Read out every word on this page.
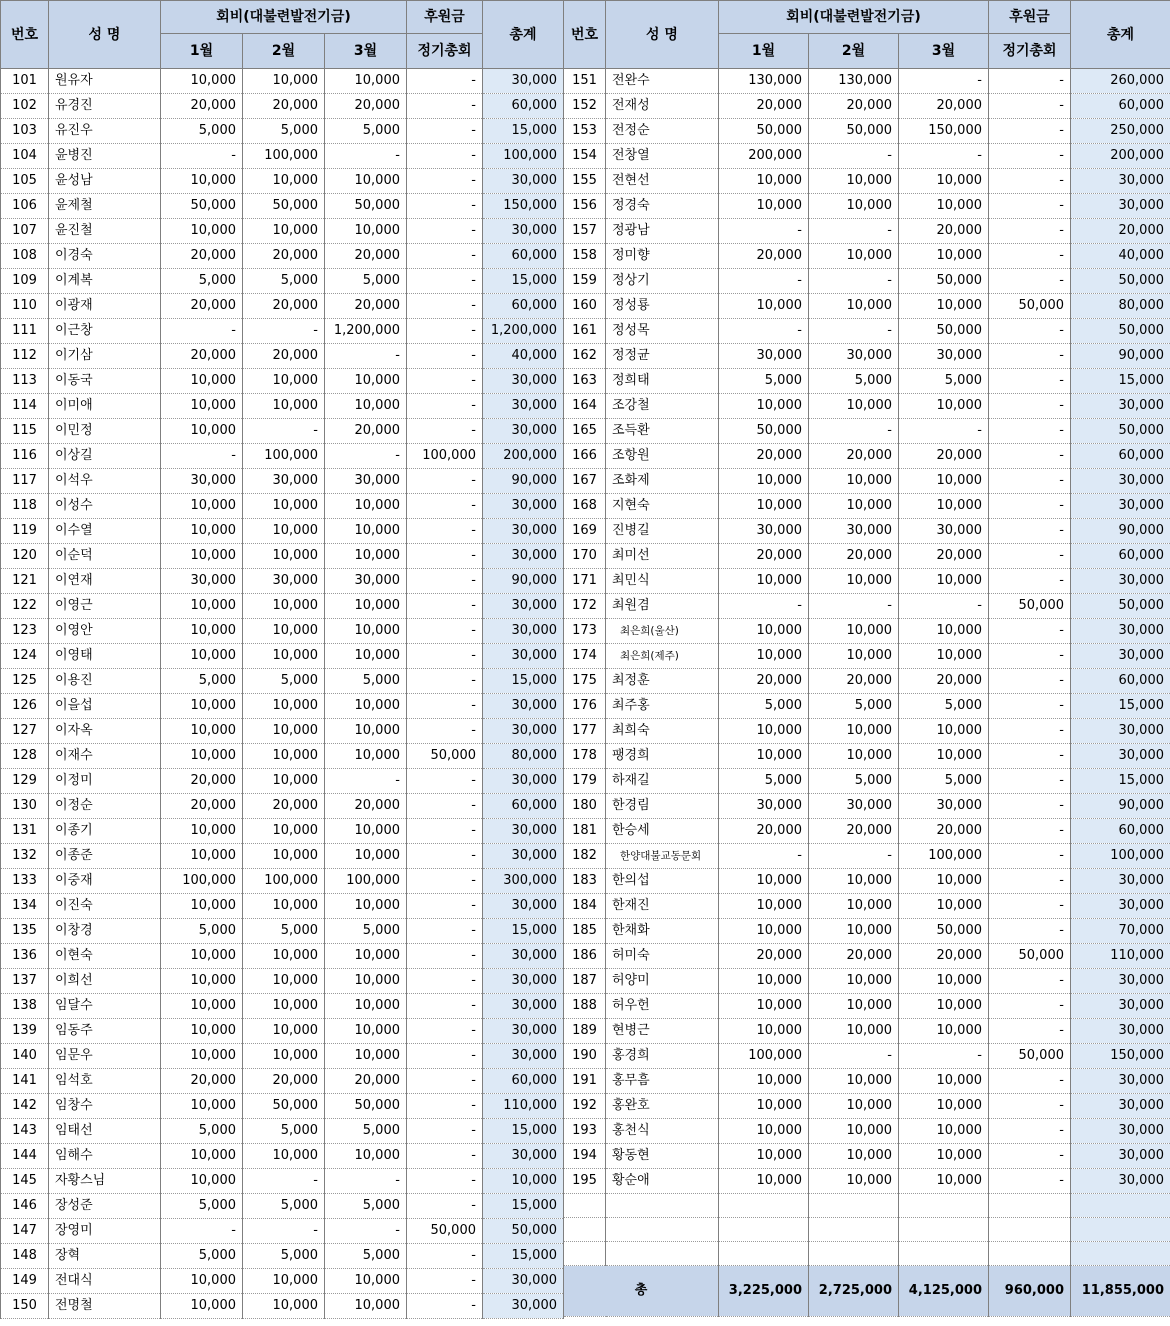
번호	성 명	회비(대불련발전기금)			후원금	총계
		1월	2월	3월	정기총회	
101	원유자	10,000	10,000	10,000	-	30,000
102	유경진	20,000	20,000	20,000	-	60,000
103	유진우	5,000	5,000	5,000	-	15,000
104	윤병진	-	100,000	-	-	100,000
105	윤성남	10,000	10,000	10,000	-	30,000
106	윤제철	50,000	50,000	50,000	-	150,000
107	윤진철	10,000	10,000	10,000	-	30,000
108	이경숙	20,000	20,000	20,000	-	60,000
109	이계복	5,000	5,000	5,000	-	15,000
110	이광재	20,000	20,000	20,000	-	60,000
111	이근창	-	-	1,200,000	-	1,200,000
112	이기삼	20,000	20,000	-	-	40,000
113	이동국	10,000	10,000	10,000	-	30,000
114	이미애	10,000	10,000	10,000	-	30,000
115	이민정	10,000	-	20,000	-	30,000
116	이상길	-	100,000	-	100,000	200,000
117	이석우	30,000	30,000	30,000	-	90,000
118	이성수	10,000	10,000	10,000	-	30,000
119	이수열	10,000	10,000	10,000	-	30,000
120	이순덕	10,000	10,000	10,000	-	30,000
121	이연재	30,000	30,000	30,000	-	90,000
122	이영근	10,000	10,000	10,000	-	30,000
123	이영안	10,000	10,000	10,000	-	30,000
124	이영태	10,000	10,000	10,000	-	30,000
125	이용진	5,000	5,000	5,000	-	15,000
126	이을섭	10,000	10,000	10,000	-	30,000
127	이자옥	10,000	10,000	10,000	-	30,000
128	이재수	10,000	10,000	10,000	50,000	80,000
129	이정미	20,000	10,000	-	-	30,000
130	이정순	20,000	20,000	20,000	-	60,000
131	이종기	10,000	10,000	10,000	-	30,000
132	이종준	10,000	10,000	10,000	-	30,000
133	이중재	100,000	100,000	100,000	-	300,000
134	이진숙	10,000	10,000	10,000	-	30,000
135	이창경	5,000	5,000	5,000	-	15,000
136	이현숙	10,000	10,000	10,000	-	30,000
137	이희선	10,000	10,000	10,000	-	30,000
138	임달수	10,000	10,000	10,000	-	30,000
139	임동주	10,000	10,000	10,000	-	30,000
140	임문우	10,000	10,000	10,000	-	30,000
141	임석호	20,000	20,000	20,000	-	60,000
142	임창수	10,000	50,000	50,000	-	110,000
143	임태선	5,000	5,000	5,000	-	15,000
144	임해수	10,000	10,000	10,000	-	30,000
145	자황스님	10,000	-	-	-	10,000
146	장성준	5,000	5,000	5,000	-	15,000
147	장영미	-	-	-	50,000	50,000
148	장혁	5,000	5,000	5,000	-	15,000
149	전대식	10,000	10,000	10,000	-	30,000
150	전명철	10,000	10,000	10,000	-	30,000
번호	성 명	회비(대불련발전기금)			후원금	총계
		1월	2월	3월	정기총회	
151	전완수	130,000	130,000	-	-	260,000
152	전재성	20,000	20,000	20,000	-	60,000
153	전정순	50,000	50,000	150,000	-	250,000
154	전창열	200,000	-	-	-	200,000
155	전현선	10,000	10,000	10,000	-	30,000
156	정경숙	10,000	10,000	10,000	-	30,000
157	정광남	-	-	20,000	-	20,000
158	정미향	20,000	10,000	10,000	-	40,000
159	정상기	-	-	50,000	-	50,000
160	정성룡	10,000	10,000	10,000	50,000	80,000
161	정성목	-	-	50,000	-	50,000
162	정정균	30,000	30,000	30,000	-	90,000
163	정희태	5,000	5,000	5,000	-	15,000
164	조강철	10,000	10,000	10,000	-	30,000
165	조득환	50,000	-	-	-	50,000
166	조항원	20,000	20,000	20,000	-	60,000
167	조화제	10,000	10,000	10,000	-	30,000
168	지현숙	10,000	10,000	10,000	-	30,000
169	진병길	30,000	30,000	30,000	-	90,000
170	최미선	20,000	20,000	20,000	-	60,000
171	최민식	10,000	10,000	10,000	-	30,000
172	최원겸	-	-	-	50,000	50,000
173	최은희(울산)	10,000	10,000	10,000	-	30,000
174	최은희(제주)	10,000	10,000	10,000	-	30,000
175	최정훈	20,000	20,000	20,000	-	60,000
176	최주홍	5,000	5,000	5,000	-	15,000
177	최희숙	10,000	10,000	10,000	-	30,000
178	팽경희	10,000	10,000	10,000	-	30,000
179	하재길	5,000	5,000	5,000	-	15,000
180	한경림	30,000	30,000	30,000	-	90,000
181	한승세	20,000	20,000	20,000	-	60,000
182	한양대불교동문회	-	-	100,000	-	100,000
183	한의섭	10,000	10,000	10,000	-	30,000
184	한재진	10,000	10,000	10,000	-	30,000
185	한채화	10,000	10,000	50,000	-	70,000
186	허미숙	20,000	20,000	20,000	50,000	110,000
187	허양미	10,000	10,000	10,000	-	30,000
188	허우헌	10,000	10,000	10,000	-	30,000
189	현병근	10,000	10,000	10,000	-	30,000
190	홍경희	100,000	-	-	50,000	150,000
191	홍무흠	10,000	10,000	10,000	-	30,000
192	홍완호	10,000	10,000	10,000	-	30,000
193	홍천식	10,000	10,000	10,000	-	30,000
194	황동현	10,000	10,000	10,000	-	30,000
195	황순애	10,000	10,000	10,000	-	30,000

총		3,225,000	2,725,000	4,125,000	960,000	11,855,000
